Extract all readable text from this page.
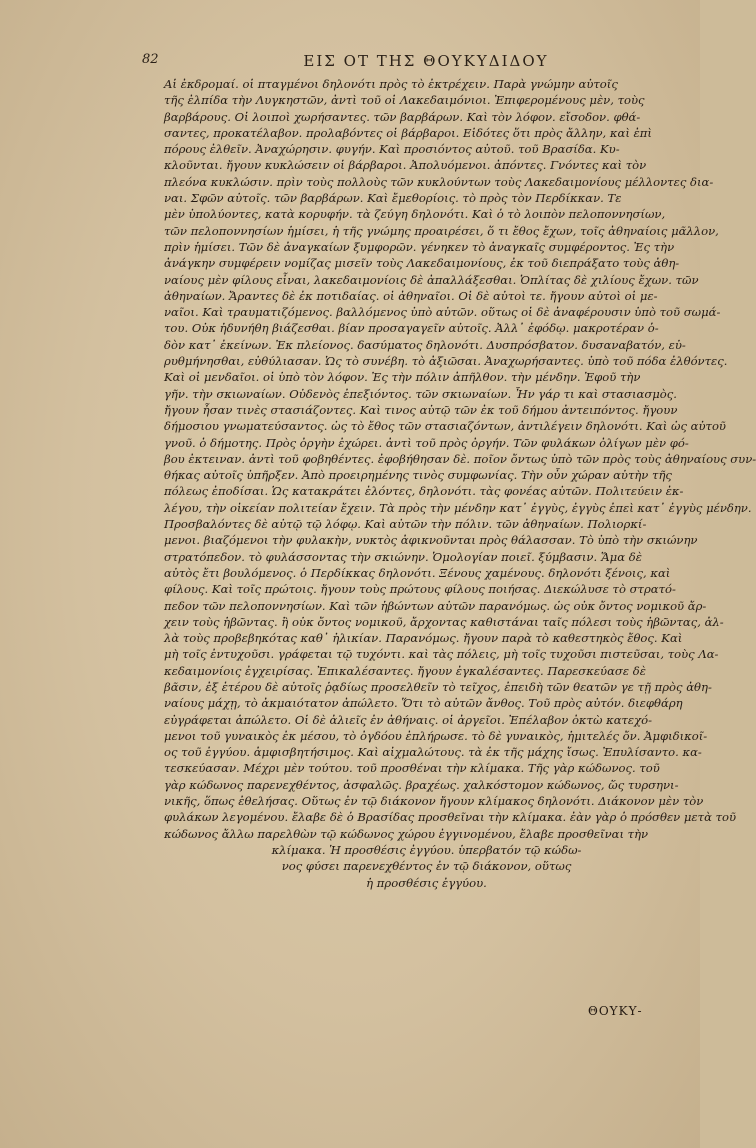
82	ΕΙΣ ΟΤ ΤΗΣ ΘΟΥΚΥΔΙΔΟΥ
Αἱ ἐκδρομαί. οἱ πταγμένοι δηλονότι πρὸς τὸ ἐκτρέχειν. Παρὰ γνώμην αὐτοῖς
τῆς ἐλπίδα τὴν Λυγκηστῶν, ἀντὶ τοῦ οἱ Λακεδαιμόνιοι. Ἐπιφερομένους μὲν, τοὺς
βαρβάρους. Οἱ λοιποὶ χωρήσαντες. τῶν βαρβάρων. Καὶ τὸν λόφον. εἴσοδον. φθά-
σαντες, προκατέλαβον. προλαβόντες οἱ βάρβαροι. Εἰδότες ὅτι πρὸς ἄλλην, καὶ ἐπὶ
πόρους ἐλθεῖν. Ἀναχώρησιν. φυγήν. Καὶ προσιόντος αὐτοῦ. τοῦ Βρασίδα. Κυ-
κλοῦνται. ἤγουν κυκλώσειν οἱ βάρβαροι. Ἀπολυόμενοι. ἀπόντες. Γνόντες καὶ τὸν
πλεόνα κυκλώσιν. πρὶν τοὺς πολλοὺς τῶν κυκλούντων τοὺς Λακεδαιμονίους μέλλοντες δια-
ναι. Σφῶν αὐτοῖς. τῶν βαρβάρων. Καὶ ἔμεθορίοις. τὸ πρὸς τὸν Περδίκκαν. Τε
μὲν ὑπολύοντες, κατὰ κορυφήν. τὰ ζεύγη δηλονότι. Καὶ ὁ τὸ λοιπὸν πελοποννησίων,
τῶν πελοποννησίων ἡμίσει, ἡ τῆς γνώμης προαιρέσει, ὅ τι ἔθος ἔχων, τοῖς ἀθηναίοις μᾶλλον,
πρὶν ἡμίσει. Τῶν δὲ ἀναγκαίων ξυμφορῶν. γένηκεν τὸ ἀναγκαῖς συμφέροντος. Ἐς τὴν
ἀνάγκην συμφέρειν νομίζας μισεῖν τοὺς Λακεδαιμονίους, ἐκ τοῦ διεπράξατο τοὺς ἀθη-
ναίους μὲν φίλους εἶναι, λακεδαιμονίοις δὲ ἀπαλλάξεσθαι. Ὁπλίτας δὲ χιλίους ἔχων. τῶν
ἀθηναίων. Ἄραντες δὲ ἐκ ποτιδαίας. οἱ ἀθηναῖοι. Οἱ δὲ αὐτοὶ τε. ἤγουν αὐτοὶ οἱ με-
ναῖοι. Καὶ τραυματιζόμενος. βαλλόμενος ὑπὸ αὐτῶν. οὕτως οἱ δὲ ἀναφέρουσιν ὑπὸ τοῦ σωμά-
του. Οὐκ ἠδυνήθη βιάζεσθαι. βίαν προσαγαγεῖν αὐτοῖς. Ἀλλ᾽ ἐφόδῳ. μακροτέραν ὁ-
δὸν κατ᾽ ἐκείνων. Ἐκ πλείονος. δασύματος δηλονότι. Δυσπρόσβατον. δυσαναβατόν, εὐ-
ρυθμήνησθαι, εὐθύλιασαν. Ὡς τὸ συνέβη. τὸ ἀξιῶσαι. Ἀναχωρήσαντες. ὑπὸ τοῦ πόδα ἐλθόντες.
Καὶ οἱ μενδαῖοι. οἱ ὑπὸ τὸν λόφον. Ἐς τὴν πόλιν ἀπῆλθον. τὴν μένδην. Ἐφοῦ τὴν
γῆν. τὴν σκιωναίων. Οὐδενὸς ἐπεξιόντος. τῶν σκιωναίων. Ἦν γάρ τι καὶ στασιασμὸς.
ἤγουν ἦσαν τινὲς στασιάζοντες. Καὶ τινος αὐτῷ τῶν ἐκ τοῦ δήμου ἀντειπόντος. ἤγουν
δήμοσιου γνωματεύσαντος. ὡς τὸ ἔθος τῶν στασιαζόντων, ἀντιλέγειν δηλονότι. Καὶ ὡς αὐτοῦ
γνοῦ. ὁ δήμοτης. Πρὸς ὀργὴν ἐχώρει. ἀντὶ τοῦ πρὸς ὀργήν. Τῶν φυλάκων ὀλίγων μὲν φό-
βου ἐκτειναν. ἀντὶ τοῦ φοβηθέντες. ἐφοβήθησαν δὲ. ποῖον ὄντως ὑπὸ τῶν πρὸς τοὺς ἀθηναίους συν-
θήκας αὐτοῖς ὑπῆρξεν. Ἀπὸ προειρημένης τινὸς συμφωνίας. Τὴν οὖν χώραν αὐτὴν τῆς
πόλεως ἐποδίσαι. Ὡς κατακράτει ἑλόντες, δηλονότι. τὰς φονέας αὐτῶν. Πολιτεύειν ἐκ-
λέγου, τὴν οἰκείαν πολιτείαν ἔχειν. Τὰ πρὸς τὴν μένδην κατ᾽ ἐγγὺς, ἐγγὺς ἐπεὶ κατ᾽ ἐγγὺς μένδην.
Προσβαλόντες δὲ αὐτῷ τῷ λόφῳ. Καὶ αὐτῶν τὴν πόλιν. τῶν ἀθηναίων. Πολιορκί-
μενοι. βιαζόμενοι τὴν φυλακὴν, νυκτὸς ἀφικνοῦνται πρὸς θάλασσαν. Τὸ ὑπὸ τὴν σκιώνην
στρατόπεδον. τὸ φυλάσσοντας τὴν σκιώνην. Ὁμολογίαν ποιεῖ. ξύμβασιν. Ἅμα δὲ
αὐτὸς ἔτι βουλόμενος. ὁ Περδίκκας δηλονότι. Ξένους χαμένους. δηλονότι ξένοις, καὶ
φίλους. Καὶ τοῖς πρώτοις. ἤγουν τοὺς πρώτους φίλους ποιήσας. Διεκώλυσε τὸ στρατό-
πεδον τῶν πελοποννησίων. Καὶ τῶν ἡβώντων αὐτῶν παρανόμως. ὡς οὐκ ὄντος νομικοῦ ἄρ-
χειν τοὺς ἡβῶντας. ἢ οὐκ ὄντος νομικοῦ, ἄρχοντας καθιστάναι ταῖς πόλεσι τοὺς ἡβῶντας, ἀλ-
λὰ τοὺς προβεβηκότας καθ᾽ ἡλικίαν. Παρανόμως. ἤγουν παρὰ τὸ καθεστηκὸς ἔθος. Καὶ
μὴ τοῖς ἐντυχοῦσι. γράφεται τῷ τυχόντι. καὶ τὰς πόλεις, μὴ τοῖς τυχοῦσι πιστεῦσαι, τοὺς Λα-
κεδαιμονίοις ἐγχειρίσας. Ἐπικαλέσαντες. ἤγουν ἐγκαλέσαντες. Παρεσκεύασε δὲ
βᾶσιν, ἐξ ἑτέρου δὲ αὐτοῖς ῥᾳδίως προσελθεῖν τὸ τεῖχος, ἐπειδὴ τῶν θεατῶν γε τῇ πρὸς ἀθη-
ναίους μάχῃ, τὸ ἀκμαιότατον ἀπώλετο. Ὅτι τὸ αὐτῶν ἄνθος. Τοῦ πρὸς αὐτόν. διεφθάρη
εὐγράφεται ἀπώλετο. Οἱ δὲ ἀλιεῖς ἐν ἀθήναις. οἱ ἀργεῖοι. Ἐπέλαβον ὀκτὼ κατεχό-
μενοι τοῦ γυναικὸς ἐκ μέσου, τὸ ὀγδόου ἐπλήρωσε. τὸ δὲ γυναικὸς, ἡμιτελές ὄν. Ἀμφιδικοῖ-
ος τοῦ ἐγγύου. ἀμφισβητήσιμος. Καὶ αἰχμαλώτους. τὰ ἐκ τῆς μάχης ἴσως. Ἐπυλίσαντο. κα-
τεσκεύασαν. Μέχρι μὲν τούτου. τοῦ προσθέναι τὴν κλίμακα. Τῆς γὰρ κώδωνος. τοῦ
γὰρ κώδωνος παρενεχθέντος, ἀσφαλῶς. βραχέως. χαλκόστομον κώδωνος, ὥς τυρσηνι-
νικῆς, ὅπως ἐθελήσας. Οὕτως ἐν τῷ διάκονον ἤγουν κλίμακος δηλονότι. Διάκονον μὲν τὸν
φυλάκων λεγομένου. ἔλαβε δὲ ὁ Βρασίδας προσθεῖναι τὴν κλίμακα. ἐὰν γὰρ ὁ πρόσθεν μετὰ τοῦ
κώδωνος ἄλλω παρελθὼν τῷ κώδωνος χώρου ἐγγινομένου, ἔλαβε προσθεῖναι τὴν
κλίμακα. Ἡ προσθέσις ἐγγύου. ὑπερβατόν τῷ κώδω-
νος φύσει παρενεχθέντος ἐν τῷ διάκονον, οὕτως
ἡ προσθέσις ἐγγύου.
ΘΟΥΚΥ-
